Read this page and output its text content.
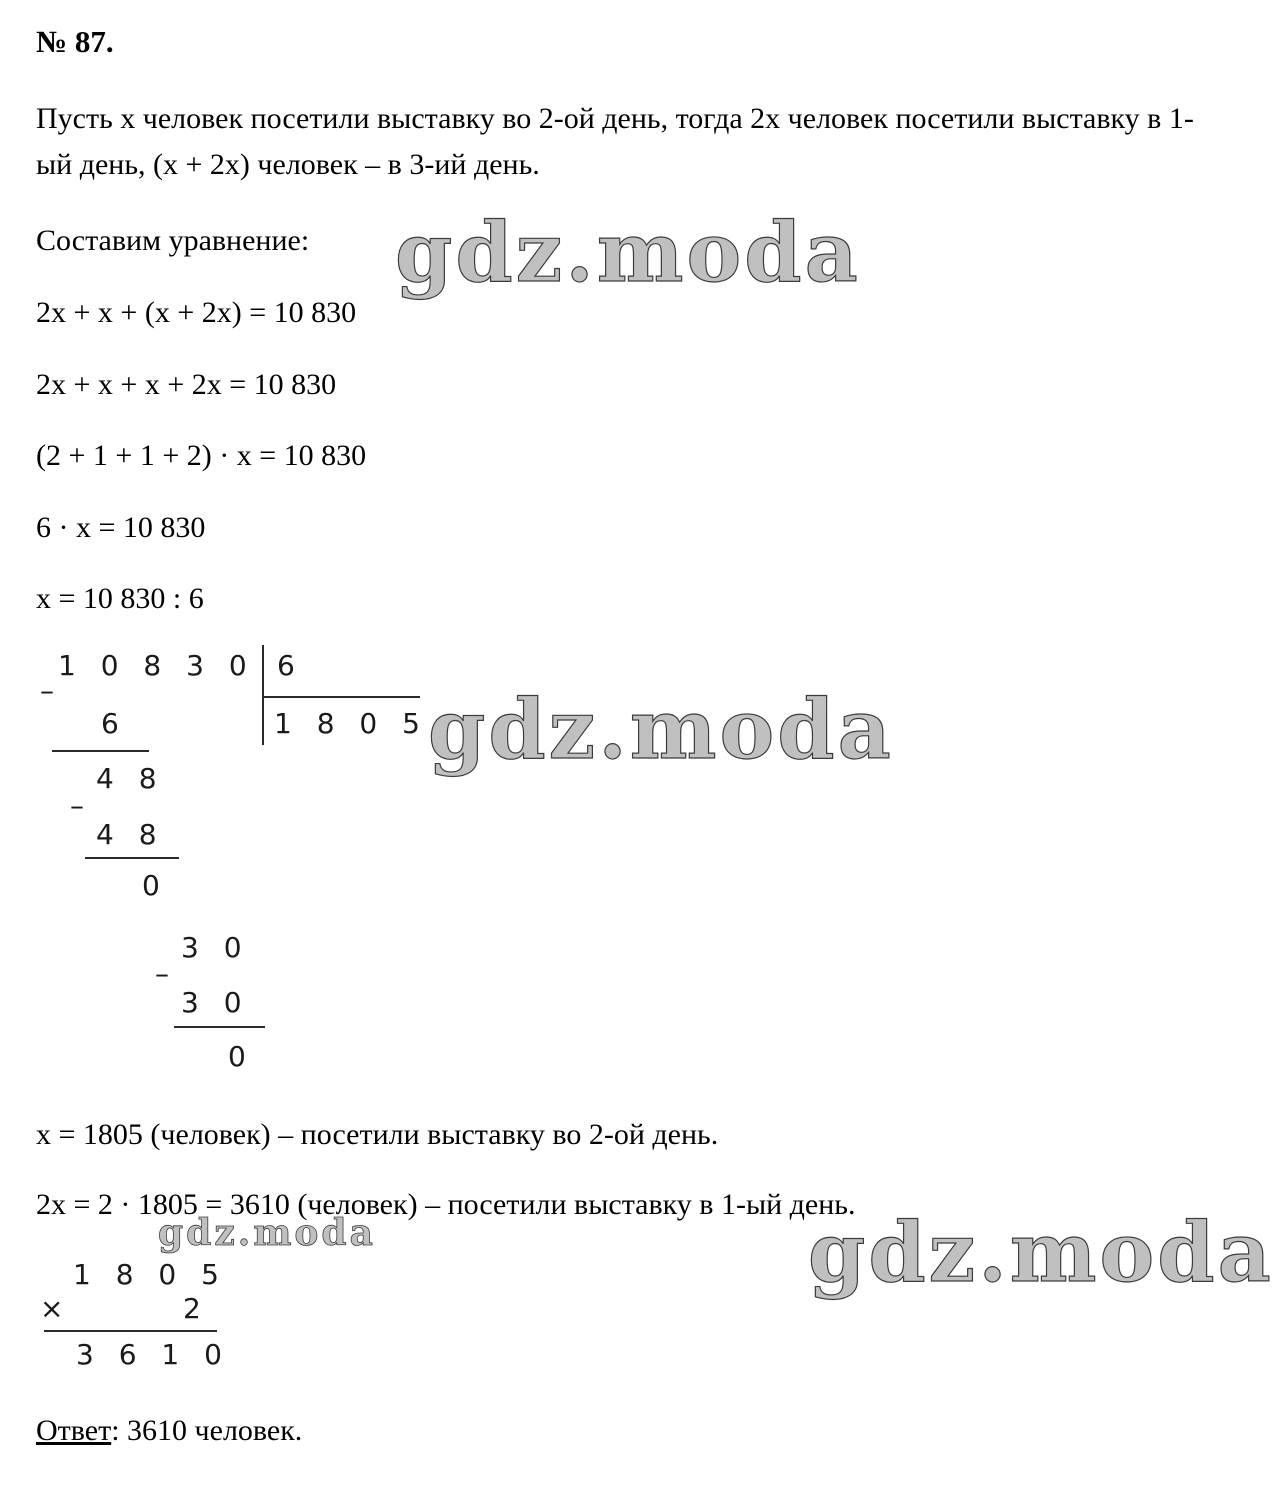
№ 87.
Пусть x человек посетили выставку во 2-ой день, тогда 2x человек посетили выставку в 1-ый день, (x + 2x) человек – в 3-ий день.
Составим уравнение: gdz.moda
2x + x + (x + 2x) = 10 830
2x + x + x + 2x = 10 830
(2 + 1 + 1 + 2) · x = 10 830
6 · x = 10 830
x = 10 830 : 6
–
1 0 8 3 0 6
6	1 8 0 5
4 8
–
4 8
0
3 0
–
3 0
0
gdz.moda
x = 1805 (человек) – посетили выставку во 2-ой день.
2x = 2 · 1805 = 3610 (человек) – посетили выставку в 1-ый день.
gdz.moda	gdz.moda
1 8 0 5
×	2
3 6 1 0
Ответ: 3610 человек.
